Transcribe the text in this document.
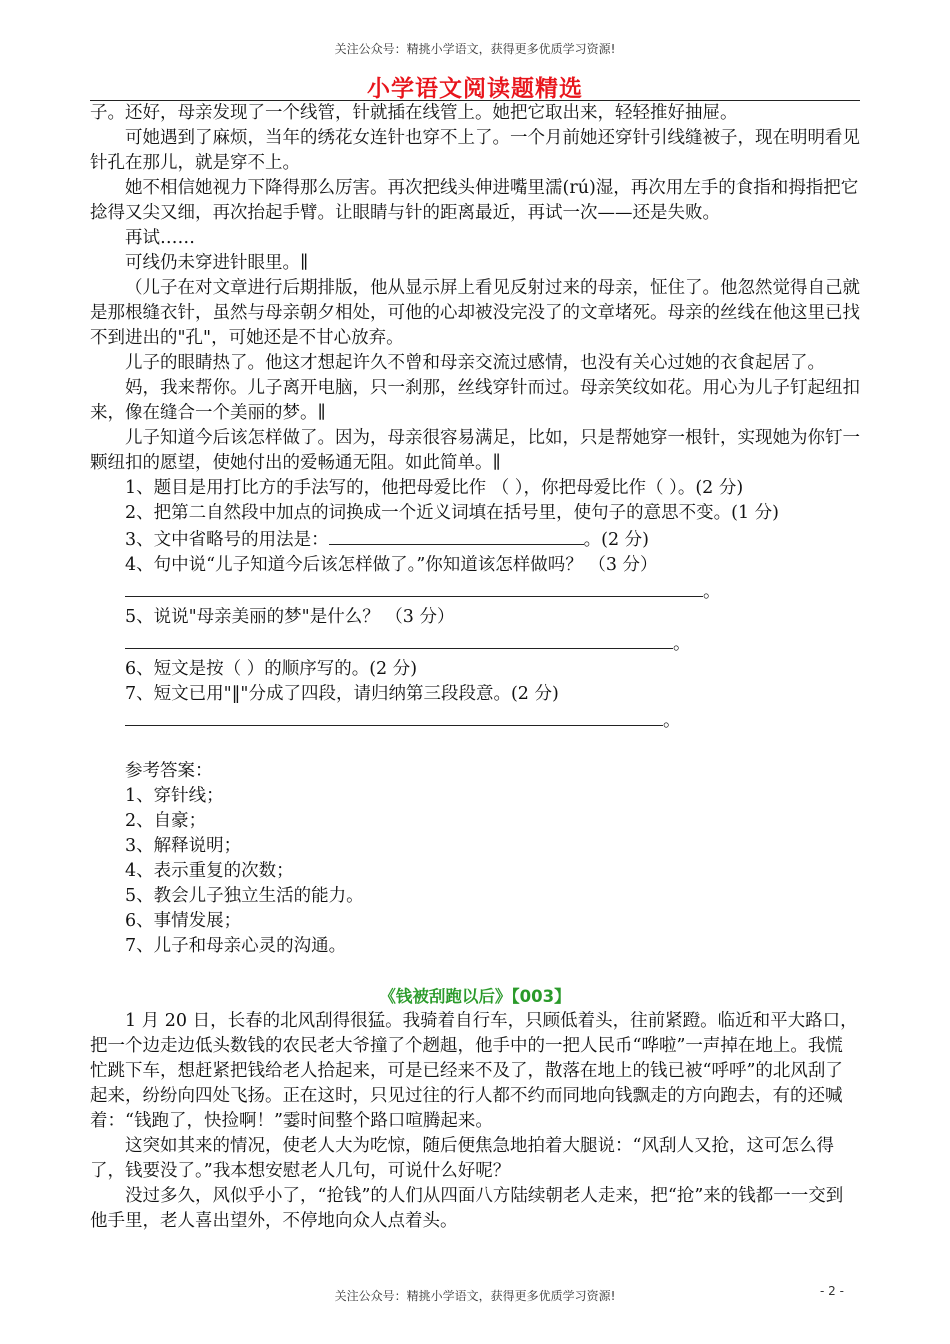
关注公众号：精挑小学语文，获得更多优质学习资源!
小学语文阅读题精选

子。还好，母亲发现了一个线管，针就插在线管上。她把它取出来，轻轻推好抽屉。

可她遇到了麻烦，当年的绣花女连针也穿不上了。一个月前她还穿针引线缝被子，现在明明看见针孔在那儿，就是穿不上。

她不相信她视力下降得那么厉害。再次把线头伸进嘴里濡(rú)湿，再次用左手的食指和拇指把它捻得又尖又细，再次抬起手臂。让眼睛与针的距离最近，再试一次——还是失败。

再试……

可线仍未穿进针眼里。∥

（儿子在对文章进行后期排版，他从显示屏上看见反射过来的母亲，怔住了。他忽然觉得自己就是那根缝衣针，虽然与母亲朝夕相处，可他的心却被没完没了的文章堵死。母亲的丝线在他这里已找不到进出的"孔"，可她还是不甘心放弃。

儿子的眼睛热了。他这才想起许久不曾和母亲交流过感情，也没有关心过她的衣食起居了。

妈，我来帮你。儿子离开电脑，只一刹那，丝线穿针而过。母亲笑纹如花。用心为儿子钉起纽扣来，像在缝合一个美丽的梦。∥

儿子知道今后该怎样做了。因为，母亲很容易满足，比如，只是帮她穿一根针，实现她为你钉一颗纽扣的愿望，使她付出的爱畅通无阻。如此简单。∥

1、题目是用打比方的手法写的，他把母爱比作 （ ），你把母爱比作（ ）。(2 分)

2、把第二自然段中加点的词换成一个近义词填在括号里，使句子的意思不变。(1 分)

3、文中省略号的用法是：	。(2 分)

4、句中说“儿子知道今后该怎样做了。”你知道该怎样做吗？ （3 分）

。

5、说说"母亲美丽的梦"是什么？ （3 分）

。

6、短文是按（ ）的顺序写的。(2 分)

7、短文已用"‖"分成了四段，请归纳第三段段意。(2 分)

。

参考答案：

1、穿针线；

2、自豪；

3、解释说明；

4、表示重复的次数；

5、教会儿子独立生活的能力。

6、事情发展；

7、儿子和母亲心灵的沟通。

《钱被刮跑以后》【003】

1 月 20 日，长春的北风刮得很猛。我骑着自行车，只顾低着头，往前紧蹬。临近和平大路口，把一个边走边低头数钱的农民老大爷撞了个趔趄，他手中的一把人民币“哗啦”一声掉在地上。我慌忙跳下车，想赶紧把钱给老人拾起来，可是已经来不及了，散落在地上的钱已被“呼呼”的北风刮了起来，纷纷向四处飞扬。正在这时，只见过往的行人都不约而同地向钱飘走的方向跑去，有的还喊着：“钱跑了，快捡啊！”霎时间整个路口喧腾起来。

这突如其来的情况，使老人大为吃惊，随后便焦急地拍着大腿说：“风刮人又抢，这可怎么得了，钱要没了。”我本想安慰老人几句，可说什么好呢？

没过多久，风似乎小了，“抢钱”的人们从四面八方陆续朝老人走来，把“抢”来的钱都一一交到他手里，老人喜出望外，不停地向众人点着头。

关注公众号：精挑小学语文，获得更多优质学习资源!	- 2 -
